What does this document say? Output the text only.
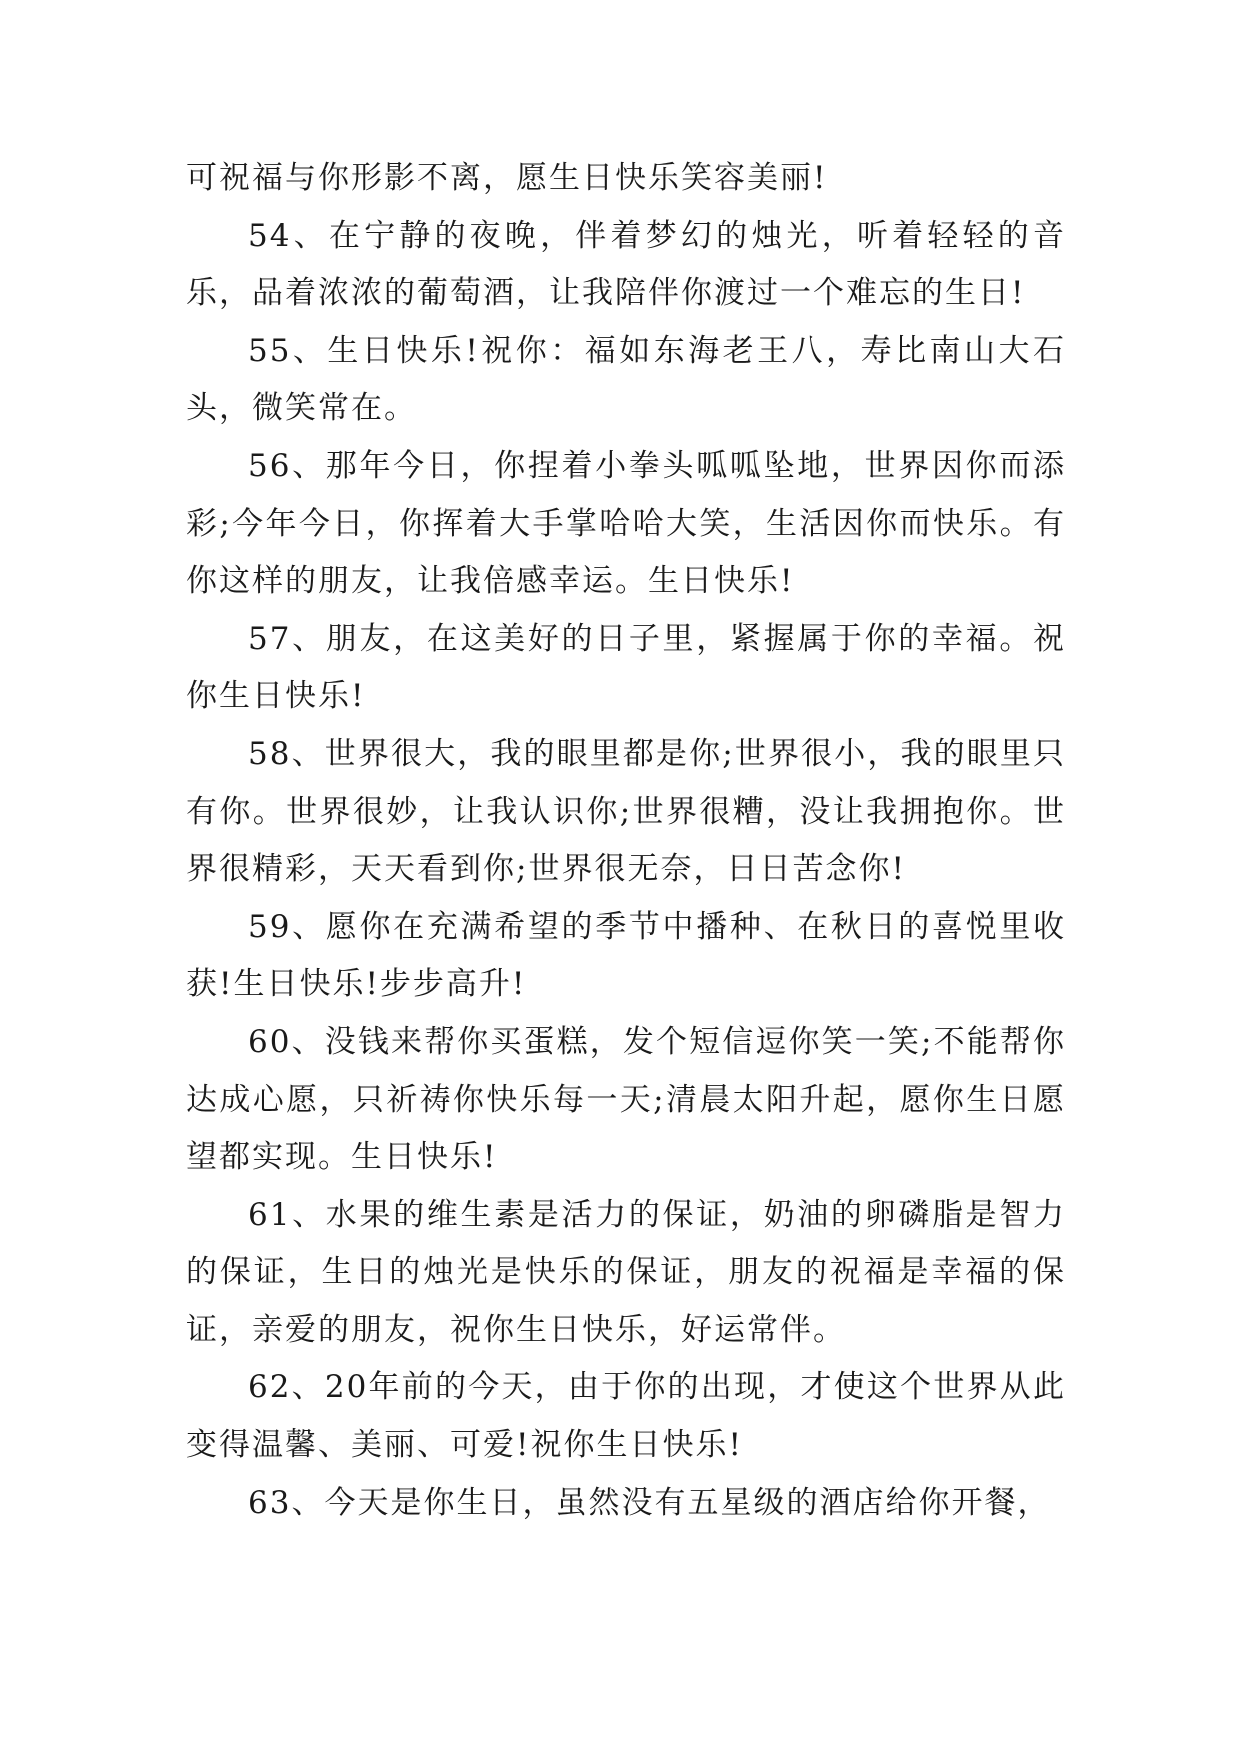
可祝福与你形影不离，愿生日快乐笑容美丽!

54、在宁静的夜晚，伴着梦幻的烛光，听着轻轻的音乐，品着浓浓的葡萄酒，让我陪伴你渡过一个难忘的生日!

55、生日快乐!祝你：福如东海老王八，寿比南山大石头，微笑常在。

56、那年今日，你捏着小拳头呱呱坠地，世界因你而添彩;今年今日，你挥着大手掌哈哈大笑，生活因你而快乐。有你这样的朋友，让我倍感幸运。生日快乐!

57、朋友，在这美好的日子里，紧握属于你的幸福。祝你生日快乐!

58、世界很大，我的眼里都是你;世界很小，我的眼里只有你。世界很妙，让我认识你;世界很糟，没让我拥抱你。世界很精彩，天天看到你;世界很无奈，日日苦念你!

59、愿你在充满希望的季节中播种、在秋日的喜悦里收获!生日快乐!步步高升!

60、没钱来帮你买蛋糕，发个短信逗你笑一笑;不能帮你达成心愿，只祈祷你快乐每一天;清晨太阳升起，愿你生日愿望都实现。生日快乐!

61、水果的维生素是活力的保证，奶油的卵磷脂是智力的保证，生日的烛光是快乐的保证，朋友的祝福是幸福的保证，亲爱的朋友，祝你生日快乐，好运常伴。

62、20年前的今天，由于你的出现，才使这个世界从此变得温馨、美丽、可爱!祝你生日快乐!

63、今天是你生日，虽然没有五星级的酒店给你开餐，
